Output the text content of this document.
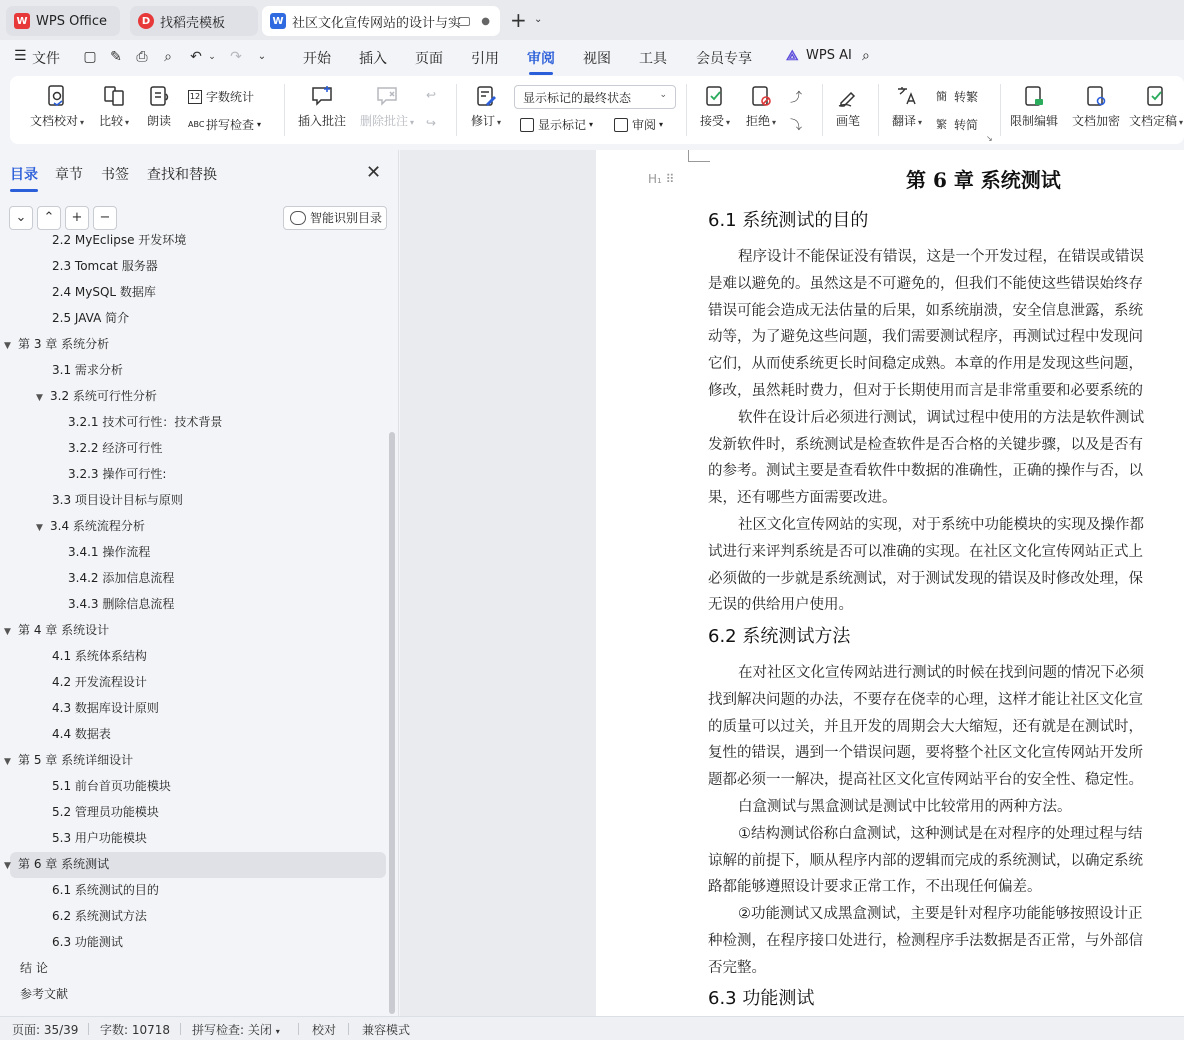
W WPS Office	D 找稻壳模板	W 社区文化宣传网站的设计与实 ● + ⌄
☰ 文件 ▢ ✎ ⎙ ⌕ ↶ ⌄	↷	⌄	开始 插入 页面 引用 审阅 视图 工具 会员专享 ⟁ WPS AI ⌕
文档校对 ▾	比较 ▾	朗读
12 字数统计
ABC 拼写检查 ▾	插入批注	删除批注 ▾
↩
↪	修订 ▾
显示标记的最终状态	⌄
显示标记 ▾	审阅 ▾	接受 ▾	拒绝 ▾
⤴
⤵	画笔	翻译 ▾
簡 转繁
繁 转简
↘
限制编辑	文档加密 文档定稿 ▾
目录 章节 书签 查找和替换	✕
⌄	⌃	+	−	智能识别目录
2.2 MyEclipse 开发环境
2.3 Tomcat 服务器
2.4 MySQL 数据库
2.5 JAVA 简介
▼ 第 3 章 系统分析
3.1 需求分析
▼ 3.2 系统可行性分析
3.2.1 技术可行性：技术背景
3.2.2 经济可行性
3.2.3 操作可行性:
3.3 项目设计目标与原则
▼ 3.4 系统流程分析
3.4.1 操作流程
3.4.2 添加信息流程
3.4.3 删除信息流程
▼ 第 4 章 系统设计
4.1 系统体系结构
4.2 开发流程设计
4.3 数据库设计原则
4.4 数据表
▼ 第 5 章 系统详细设计
5.1 前台首页功能模块
5.2 管理员功能模块
5.3 用户功能模块
▼ 第 6 章 系统测试
6.1 系统测试的目的
6.2 系统测试方法
6.3 功能测试
结 论
参考文献
H₁ ⠿	第 6 章 系统测试
6.1 系统测试的目的
程序设计不能保证没有错误，这是一个开发过程，在错误或错误
是难以避免的。虽然这是不可避免的，但我们不能使这些错误始终存
错误可能会造成无法估量的后果，如系统崩溃，安全信息泄露，系统
动等，为了避免这些问题，我们需要测试程序，再测试过程中发现问
它们，从而使系统更长时间稳定成熟。本章的作用是发现这些问题，
修改，虽然耗时费力，但对于长期使用而言是非常重要和必要系统的
软件在设计后必须进行测试，调试过程中使用的方法是软件测试
发新软件时，系统测试是检查软件是否合格的关键步骤，以及是否有
的参考。测试主要是查看软件中数据的准确性，正确的操作与否，以
果，还有哪些方面需要改进。
社区文化宣传网站的实现，对于系统中功能模块的实现及操作都
试进行来评判系统是否可以准确的实现。在社区文化宣传网站正式上
必须做的一步就是系统测试，对于测试发现的错误及时修改处理，保
无误的供给用户使用。
6.2 系统测试方法
在对社区文化宣传网站进行测试的时候在找到问题的情况下必须
找到解决问题的办法，不要存在侥幸的心理，这样才能让社区文化宣
的质量可以过关，并且开发的周期会大大缩短，还有就是在测试时，
复性的错误，遇到一个错误问题，要将整个社区文化宣传网站开发所
题都必须一一解决，提高社区文化宣传网站平台的安全性、稳定性。
白盒测试与黑盒测试是测试中比较常用的两种方法。
①结构测试俗称白盒测试，这种测试是在对程序的处理过程与结
谅解的前提下，顺从程序内部的逻辑而完成的系统测试，以确定系统
路都能够遵照设计要求正常工作，不出现任何偏差。
②功能测试又成黑盒测试，主要是针对程序功能能够按照设计正
种检测，在程序接口处进行，检测程序手法数据是否正常，与外部信
否完整。
6.3 功能测试
页面: 35/39 字数: 10718 拼写检查: 关闭 ▾	校对 兼容模式
